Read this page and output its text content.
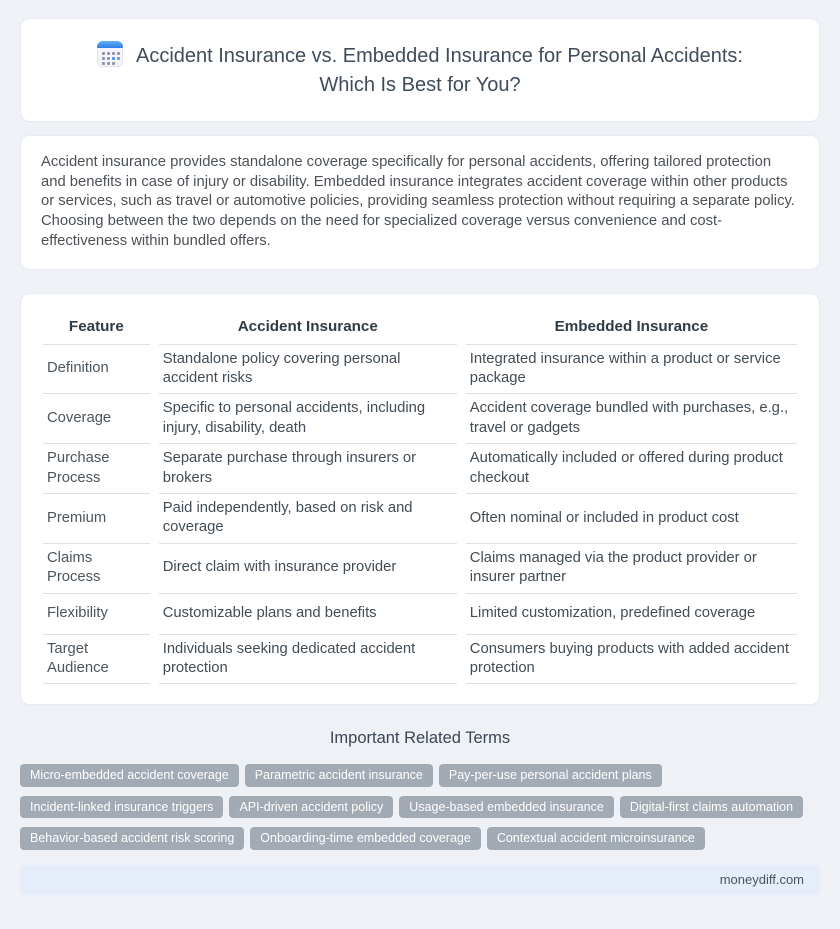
Accident Insurance vs. Embedded Insurance for Personal Accidents: Which Is Best for You?

Accident insurance provides standalone coverage specifically for personal accidents, offering tailored protection and benefits in case of injury or disability. Embedded insurance integrates accident coverage within other products or services, such as travel or automotive policies, providing seamless protection without requiring a separate policy. Choosing between the two depends on the need for specialized coverage versus convenience and cost-effectiveness within bundled offers.

Feature	Accident Insurance	Embedded Insurance
Definition	Standalone policy covering personal accident risks	Integrated insurance within a product or service package
Coverage	Specific to personal accidents, including injury, disability, death	Accident coverage bundled with purchases, e.g., travel or gadgets
Purchase Process	Separate purchase through insurers or brokers	Automatically included or offered during product checkout
Premium	Paid independently, based on risk and coverage	Often nominal or included in product cost
Claims Process	Direct claim with insurance provider	Claims managed via the product provider or insurer partner
Flexibility	Customizable plans and benefits	Limited customization, predefined coverage
Target Audience	Individuals seeking dedicated accident protection	Consumers buying products with added accident protection
Important Related Terms
Micro-embedded accident coverage	Parametric accident insurance	Pay-per-use personal accident plans
Incident-linked insurance triggers	API-driven accident policy	Usage-based embedded insurance	Digital-first claims automation
Behavior-based accident risk scoring	Onboarding-time embedded coverage	Contextual accident microinsurance
moneydiff.com
